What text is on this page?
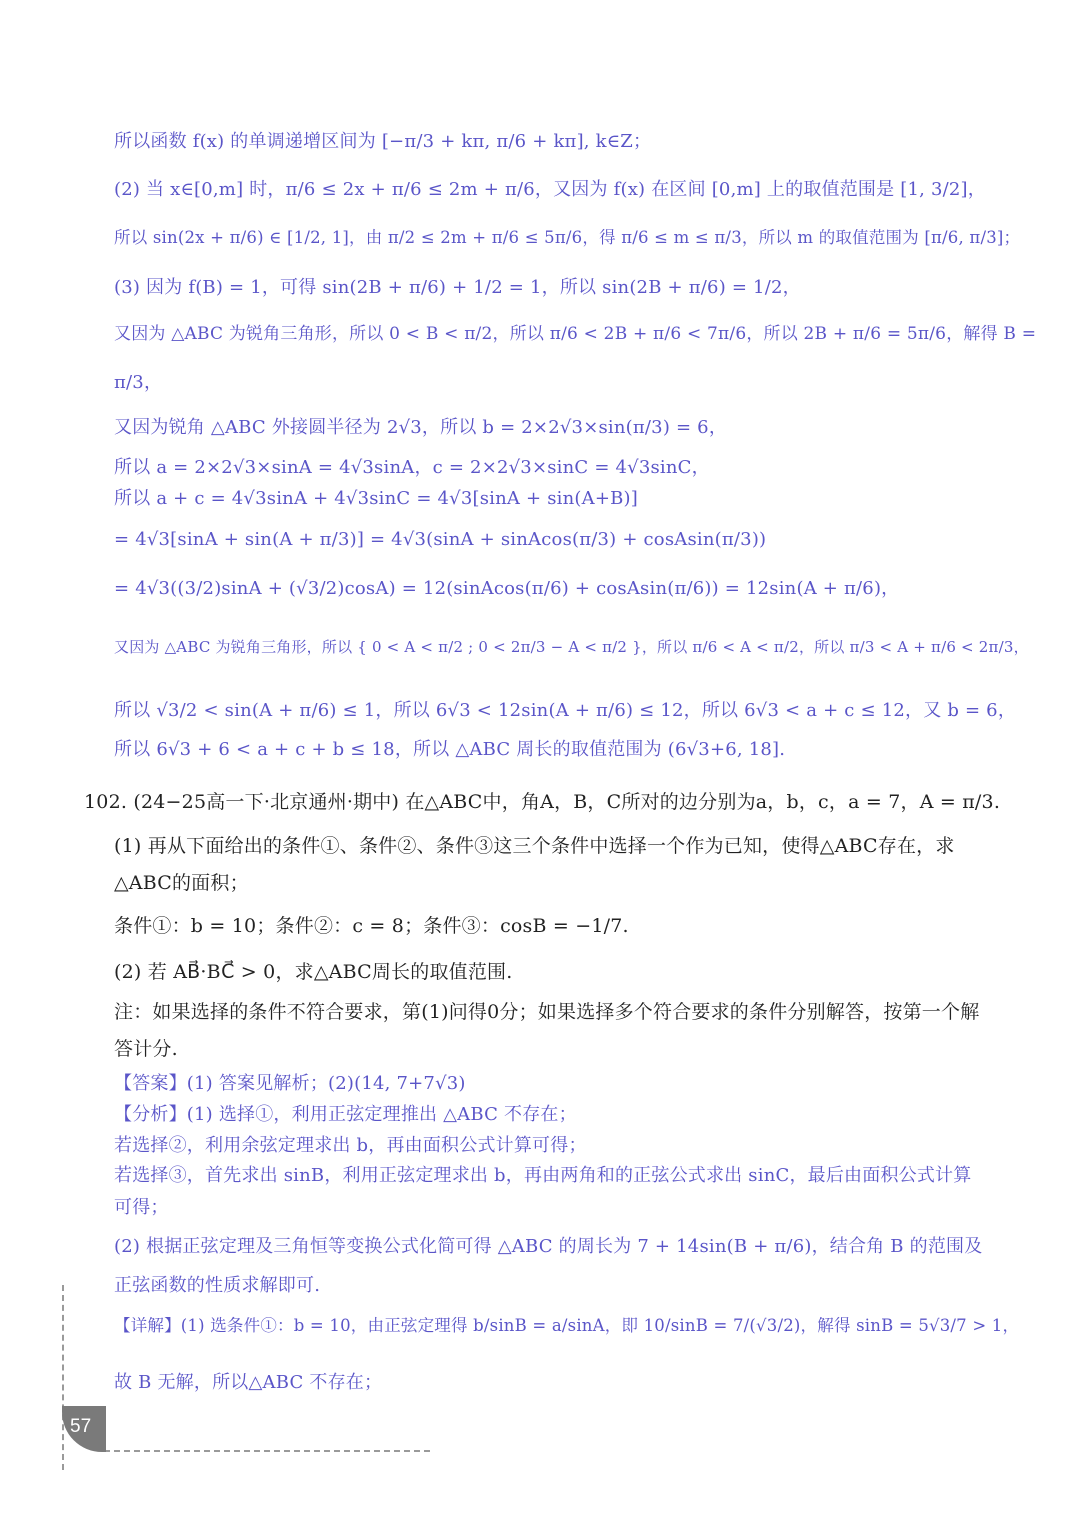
所以函数 f(x) 的单调递增区间为 [−π/3 + kπ, π/6 + kπ], k∈Z；
(2) 当 x∈[0,m] 时，π/6 ≤ 2x + π/6 ≤ 2m + π/6，又因为 f(x) 在区间 [0,m] 上的取值范围是 [1, 3/2]，
所以 sin(2x + π/6) ∈ [1/2, 1]，由 π/2 ≤ 2m + π/6 ≤ 5π/6，得 π/6 ≤ m ≤ π/3，所以 m 的取值范围为 [π/6, π/3]；
(3) 因为 f(B) = 1，可得 sin(2B + π/6) + 1/2 = 1，所以 sin(2B + π/6) = 1/2，
又因为 △ABC 为锐角三角形，所以 0 < B < π/2，所以 π/6 < 2B + π/6 < 7π/6，所以 2B + π/6 = 5π/6，解得 B =
π/3，
又因为锐角 △ABC 外接圆半径为 2√3，所以 b = 2×2√3×sin(π/3) = 6，
所以 a = 2×2√3×sinA = 4√3sinA，c = 2×2√3×sinC = 4√3sinC，
所以 a + c = 4√3sinA + 4√3sinC = 4√3[sinA + sin(A+B)]
= 4√3[sinA + sin(A + π/3)] = 4√3(sinA + sinAcos(π/3) + cosAsin(π/3))
= 4√3((3/2)sinA + (√3/2)cosA) = 12(sinAcos(π/6) + cosAsin(π/6)) = 12sin(A + π/6)，
又因为 △ABC 为锐角三角形，所以 { 0 < A < π/2 ; 0 < 2π/3 − A < π/2 }，所以 π/6 < A < π/2，所以 π/3 < A + π/6 < 2π/3，
所以 √3/2 < sin(A + π/6) ≤ 1，所以 6√3 < 12sin(A + π/6) ≤ 12，所以 6√3 < a + c ≤ 12，又 b = 6，
所以 6√3 + 6 < a + c + b ≤ 18，所以 △ABC 周长的取值范围为 (6√3+6, 18].
102. (24−25高一下·北京通州·期中) 在△ABC中，角A，B，C所对的边分别为a，b，c，a = 7，A = π/3.
(1) 再从下面给出的条件①、条件②、条件③这三个条件中选择一个作为已知，使得△ABC存在，求
△ABC的面积；
条件①：b = 10；条件②：c = 8；条件③：cosB = −1/7.
(2) 若 AB⃗·BC⃗ > 0，求△ABC周长的取值范围.
注：如果选择的条件不符合要求，第(1)问得0分；如果选择多个符合要求的条件分别解答，按第一个解
答计分.
【答案】(1) 答案见解析；(2)(14, 7+7√3)
【分析】(1) 选择①，利用正弦定理推出 △ABC 不存在；
若选择②，利用余弦定理求出 b，再由面积公式计算可得；
若选择③，首先求出 sinB，利用正弦定理求出 b，再由两角和的正弦公式求出 sinC，最后由面积公式计算
可得；
(2) 根据正弦定理及三角恒等变换公式化简可得 △ABC 的周长为 7 + 14sin(B + π/6)，结合角 B 的范围及
正弦函数的性质求解即可.
【详解】(1) 选条件①：b = 10，由正弦定理得 b/sinB = a/sinA，即 10/sinB = 7/(√3/2)，解得 sinB = 5√3/7 > 1，
故 B 无解，所以△ABC 不存在；
57
